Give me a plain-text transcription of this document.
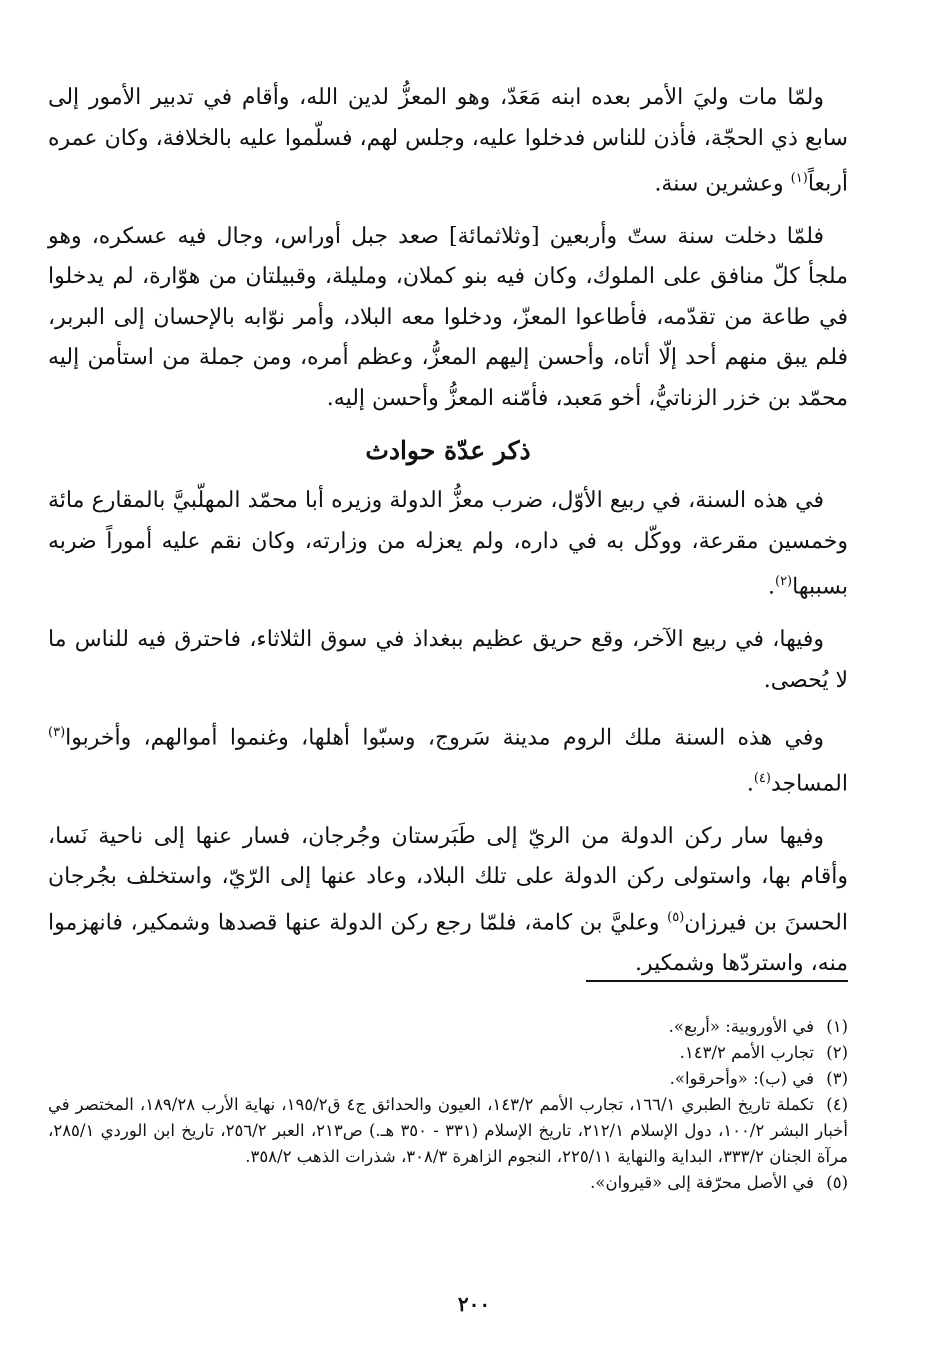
ولمّا مات وليَ الأمر بعده ابنه مَعَدّ، وهو المعزُّ لدين الله، وأقام في تدبير الأمور إلى سابع ذي الحجّة، فأذن للناس فدخلوا عليه، وجلس لهم، فسلّموا عليه بالخلافة، وكان عمره أربعاً$^{(١)}$ وعشرين سنة.

فلمّا دخلت سنة ستّ وأربعين [وثلاثمائة] صعد جبل أوراس، وجال فيه عسكره، وهو ملجأ كلّ منافق على الملوك، وكان فيه بنو كملان، ومليلة، وقبيلتان من هوّارة، لم يدخلوا في طاعة من تقدّمه، فأطاعوا المعزّ، ودخلوا معه البلاد، وأمر نوّابه بالإحسان إلى البربر، فلم يبق منهم أحد إلّا أتاه، وأحسن إليهم المعزُّ، وعظم أمره، ومن جملة من استأمن إليه محمّد بن خزر الزناتيُّ، أخو مَعبد، فأمّنه المعزُّ وأحسن إليه.

ذكر عدّة حوادث

في هذه السنة، في ربيع الأوّل، ضرب معزُّ الدولة وزيره أبا محمّد المهلّبيَّ بالمقارع مائة وخمسين مقرعة، ووكّل به في داره، ولم يعزله من وزارته، وكان نقم عليه أموراً ضربه بسببها$^{(٢)}$.

وفيها، في ربيع الآخر، وقع حريق عظيم ببغداذ في سوق الثلاثاء، فاحترق فيه للناس ما لا يُحصى.

وفي هذه السنة ملك الروم مدينة سَروج، وسبّوا أهلها، وغنموا أموالهم، وأخربوا$^{(٣)}$ المساجد$^{(٤)}$.

وفيها سار ركن الدولة من الريّ إلى طَبَرستان وجُرجان، فسار عنها إلى ناحية نَسا، وأقام بها، واستولى ركن الدولة على تلك البلاد، وعاد عنها إلى الرّيّ، واستخلف بجُرجان الحسنَ بن فيرزان$^{(٥)}$ وعليَّ بن كامة، فلمّا رجع ركن الدولة عنها قصدها وشمكير، فانهزموا منه، واستردّها وشمكير.

(١)في الأوروبية: «أربع».

(٢)تجارب الأمم ١٤٣/٢.

(٣)في (ب): «وأحرقوا».

(٤)تكملة تاريخ الطبري ١٦٦/١، تجارب الأمم ١٤٣/٢، العيون والحدائق ج٤ ق١٩٥/٢، نهاية الأرب ١٨٩/٢٨، المختصر في أخبار البشر ١٠٠/٢، دول الإسلام ٢١٢/١، تاريخ الإسلام (٣٣١ - ٣٥٠ هـ.) ص٢١٣، العبر ٢٥٦/٢، تاريخ ابن الوردي ٢٨٥/١، مرآة الجنان ٣٣٣/٢، البداية والنهاية ٢٢٥/١١، النجوم الزاهرة ٣٠٨/٣، شذرات الذهب ٣٥٨/٢.

(٥)في الأصل محرّفة إلى «قيروان».

٢٠٠
